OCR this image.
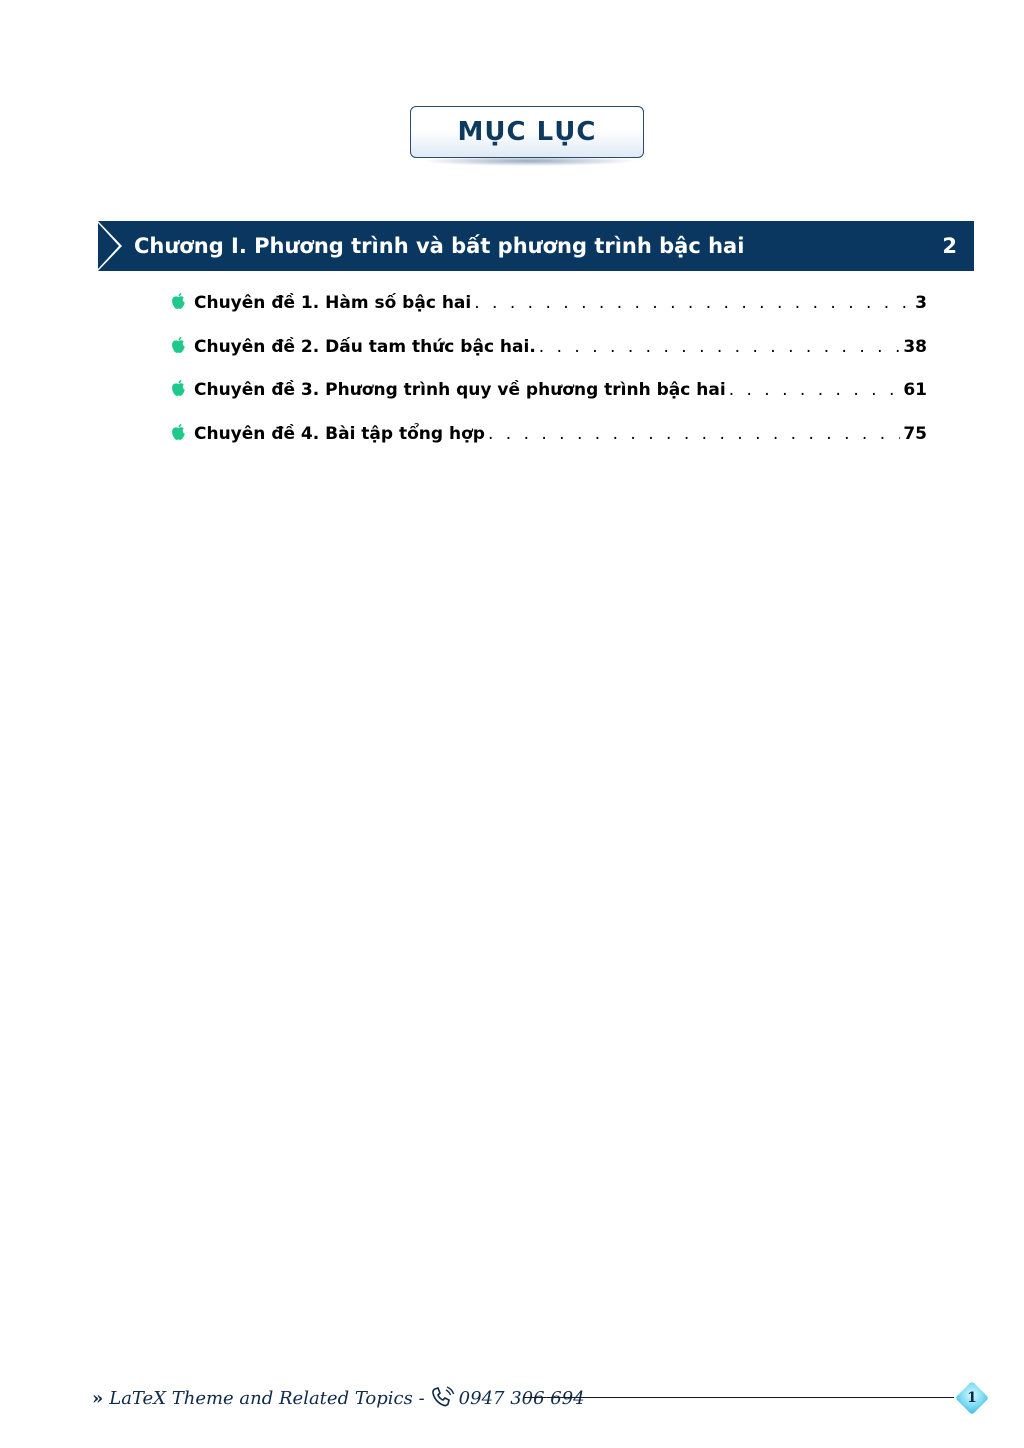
MỤC LỤC
Chương I. Phương trình và bất phương trình bậc hai	2
Chuyên đề 1. Hàm số bậc hai . . .	3
Chuyên đề 2. Dấu tam thức bậc hai. . . .	38
Chuyên đề 3. Phương trình quy về phương trình bậc hai . . .	61
Chuyên đề 4. Bài tập tổng hợp . . .	75
» LaTeX Theme and Related Topics - 0947 306 694	1
